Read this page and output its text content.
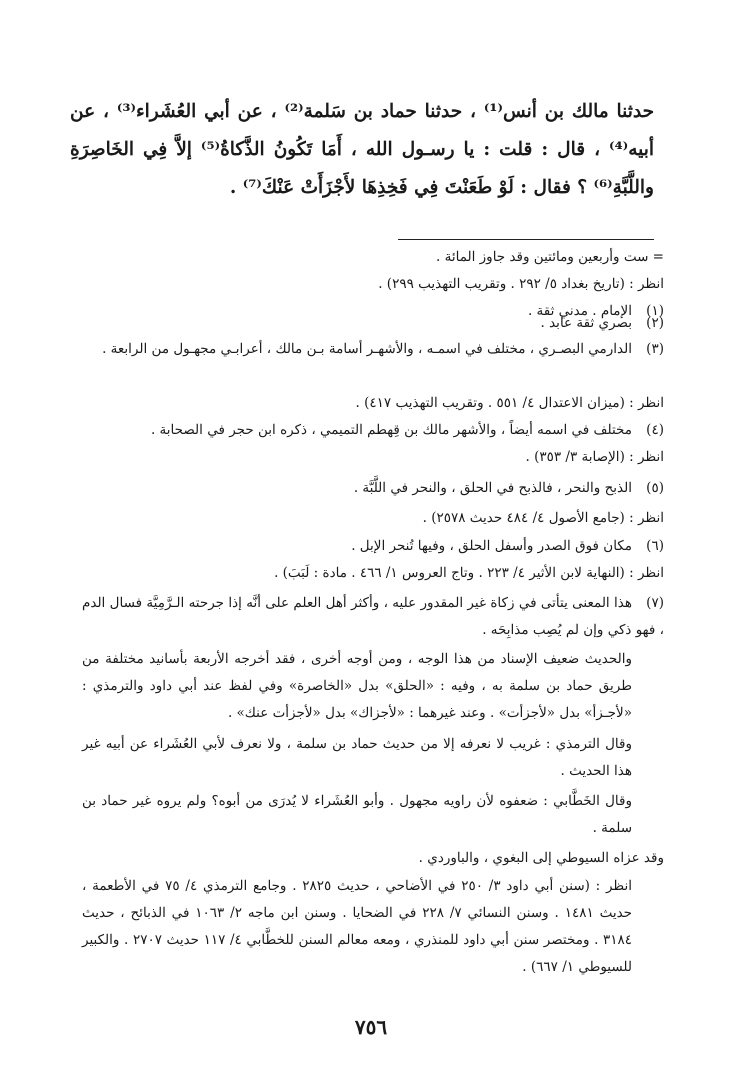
حدثنا مالك بن أنس⁽¹⁾ ، حدثنا حماد بن سَلمة⁽²⁾ ، عن أبي العُشَراء⁽³⁾ ، عن أبيه⁽⁴⁾ ، قال : قلت : يا رسـول الله ، أَمَا تَكُونُ الذَّكاةُ⁽⁵⁾ إلاَّ فِي الخَاصِرَةِ واللَّبَّةِ⁽⁶⁾ ؟ فقال : لَوْ طَعَنْتَ فِي فَخِذِهَا لأَجْزَأَتْ عَنْكَ⁽⁷⁾ .
= ست وأربعين ومائتين وقد جاوز المائة .
انظر : (تاريخ بغداد ٥/ ٢٩٢ . وتقريب التهذيب ٢٩٩) .
(١)الإمام . مدني ثقة .
(٢)بصري ثقة عابد .
(٣)الدارمي البصـري ، مختلف في اسمـه ، والأشهـر أسامة بـن مالك ، أعرابـي مجهـول من الرابعة .
انظر : (ميزان الاعتدال ٤/ ٥٥١ . وتقريب التهذيب ٤١٧) .
(٤)مختلف في اسمه أيضاً ، والأشهر مالك بن قِهطم التميمي ، ذكره ابن حجر في الصحابة .
انظر : (الإصابة ٣/ ٣٥٣) .
(٥)الذبح والنحر ، فالذبح في الحلق ، والنحر في اللَّبَّة .
انظر : (جامع الأصول ٤/ ٤٨٤ حديث ٢٥٧٨) .
(٦)مكان فوق الصدر وأسفل الحلق ، وفيها تُنحر الإبل .
انظر : (النهاية لابن الأثير ٤/ ٢٢٣ . وتاج العروس ١/ ٤٦٦ . مادة : لَبَبَ) .
(٧)هذا المعنى يتأتى في زكاة غير المقدور عليه ، وأكثر أهل العلم على أنَّه إذا جرحته الـرَّمِيَّة فسال الدم ، فهو ذكي وإن لم يُصِب مذابِحَه .
والحديث ضعيف الإسناد من هذا الوجه ، ومن أوجه أخرى ، فقد أخرجه الأربعة بأسانيد مختلفة من طريق حماد بن سلمة به ، وفيه : «الحلق» بدل «الخاصرة» وفي لفظ عند أبي داود والترمذي : «لأجـزأ» بدل «لأجزأت» . وعند غيرهما : «لأجزاك» بدل «لأجزأت عنك» .
وقال الترمذي : غريب لا نعرفه إلا من حديث حماد بن سلمة ، ولا نعرف لأبي العُشَراء عن أبيه غير هذا الحديث .
وقال الخَطَّابي : ضعفوه لأن راويه مجهول . وأبو العُشَراء لا يُدرَى من أبوه؟ ولم يروه غير حماد بن سلمة .
وقد عزاه السيوطي إلى البغوي ، والباوردي .
انظر : (سنن أبي داود ٣/ ٢٥٠ في الأضاحي ، حديث ٢٨٢٥ . وجامع الترمذي ٤/ ٧٥ في الأطعمة ، حديث ١٤٨١ . وسنن النسائي ٧/ ٢٢٨ في الضحايا . وسنن ابن ماجه ٢/ ١٠٦٣ في الذبائح ، حديث ٣١٨٤ . ومختصر سنن أبي داود للمنذري ، ومعه معالم السنن للخطَّابي ٤/ ١١٧ حديث ٢٧٠٧ . والكبير للسيوطي ١/ ٦٦٧) .
٧٥٦
